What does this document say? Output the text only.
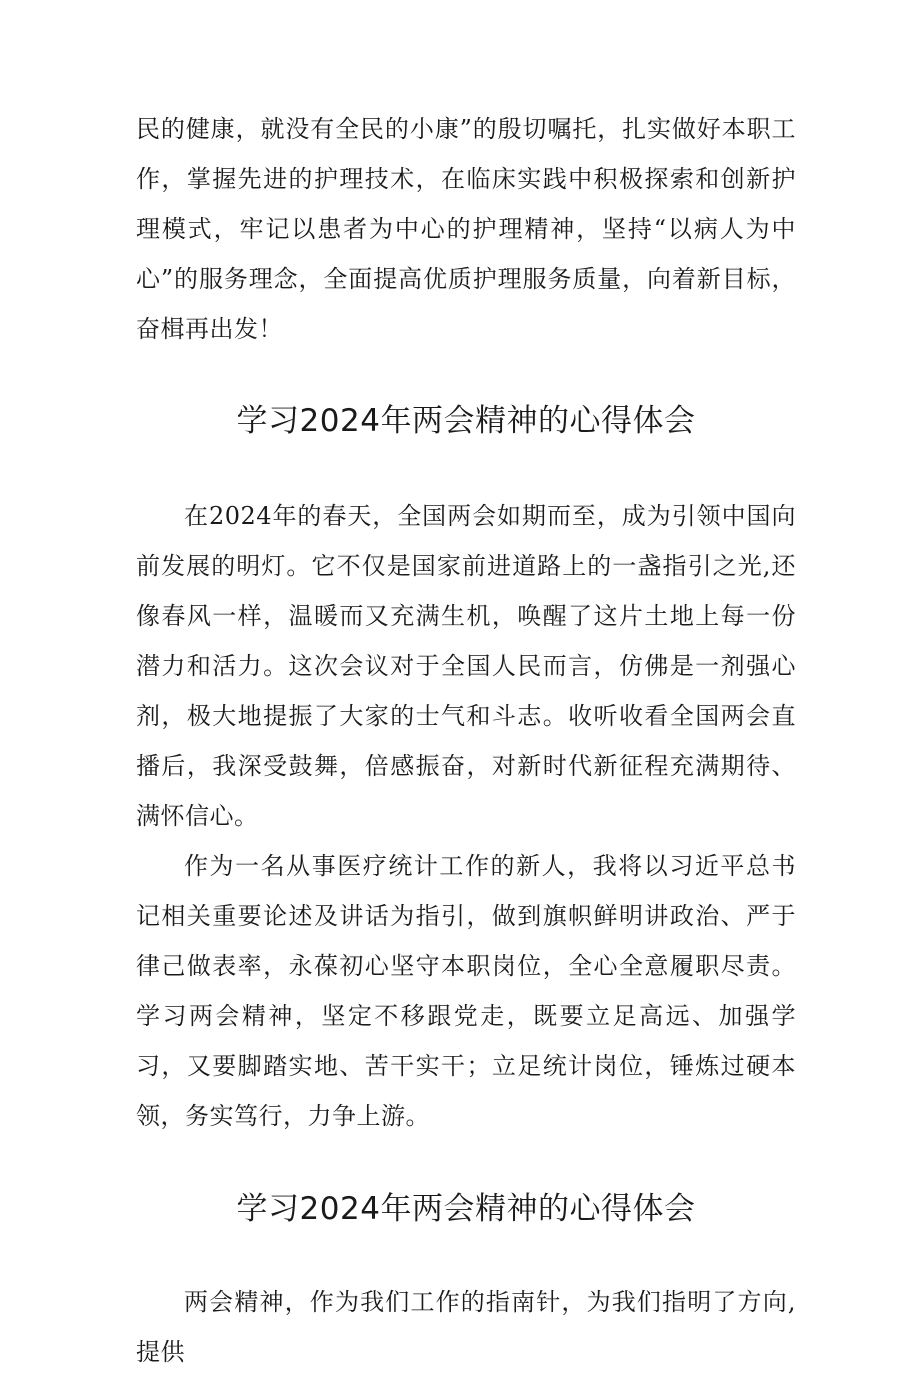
民的健康，就没有全民的小康”的殷切嘱托，扎实做好本职工作，掌握先进的护理技术，在临床实践中积极探索和创新护理模式，牢记以患者为中心的护理精神，坚持“以病人为中心”的服务理念，全面提高优质护理服务质量，向着新目标，奋楫再出发！

学习2024年两会精神的心得体会

在2024年的春天，全国两会如期而至，成为引领中国向前发展的明灯。它不仅是国家前进道路上的一盏指引之光,还像春风一样，温暖而又充满生机，唤醒了这片土地上每一份潜力和活力。这次会议对于全国人民而言，仿佛是一剂强心剂，极大地提振了大家的士气和斗志。收听收看全国两会直播后，我深受鼓舞，倍感振奋，对新时代新征程充满期待、满怀信心。

作为一名从事医疗统计工作的新人，我将以习近平总书记相关重要论述及讲话为指引，做到旗帜鲜明讲政治、严于律己做表率，永葆初心坚守本职岗位，全心全意履职尽责。学习两会精神，坚定不移跟党走，既要立足高远、加强学习，又要脚踏实地、苦干实干；立足统计岗位，锤炼过硬本领，务实笃行，力争上游。

学习2024年两会精神的心得体会

两会精神，作为我们工作的指南针，为我们指明了方向,提供
